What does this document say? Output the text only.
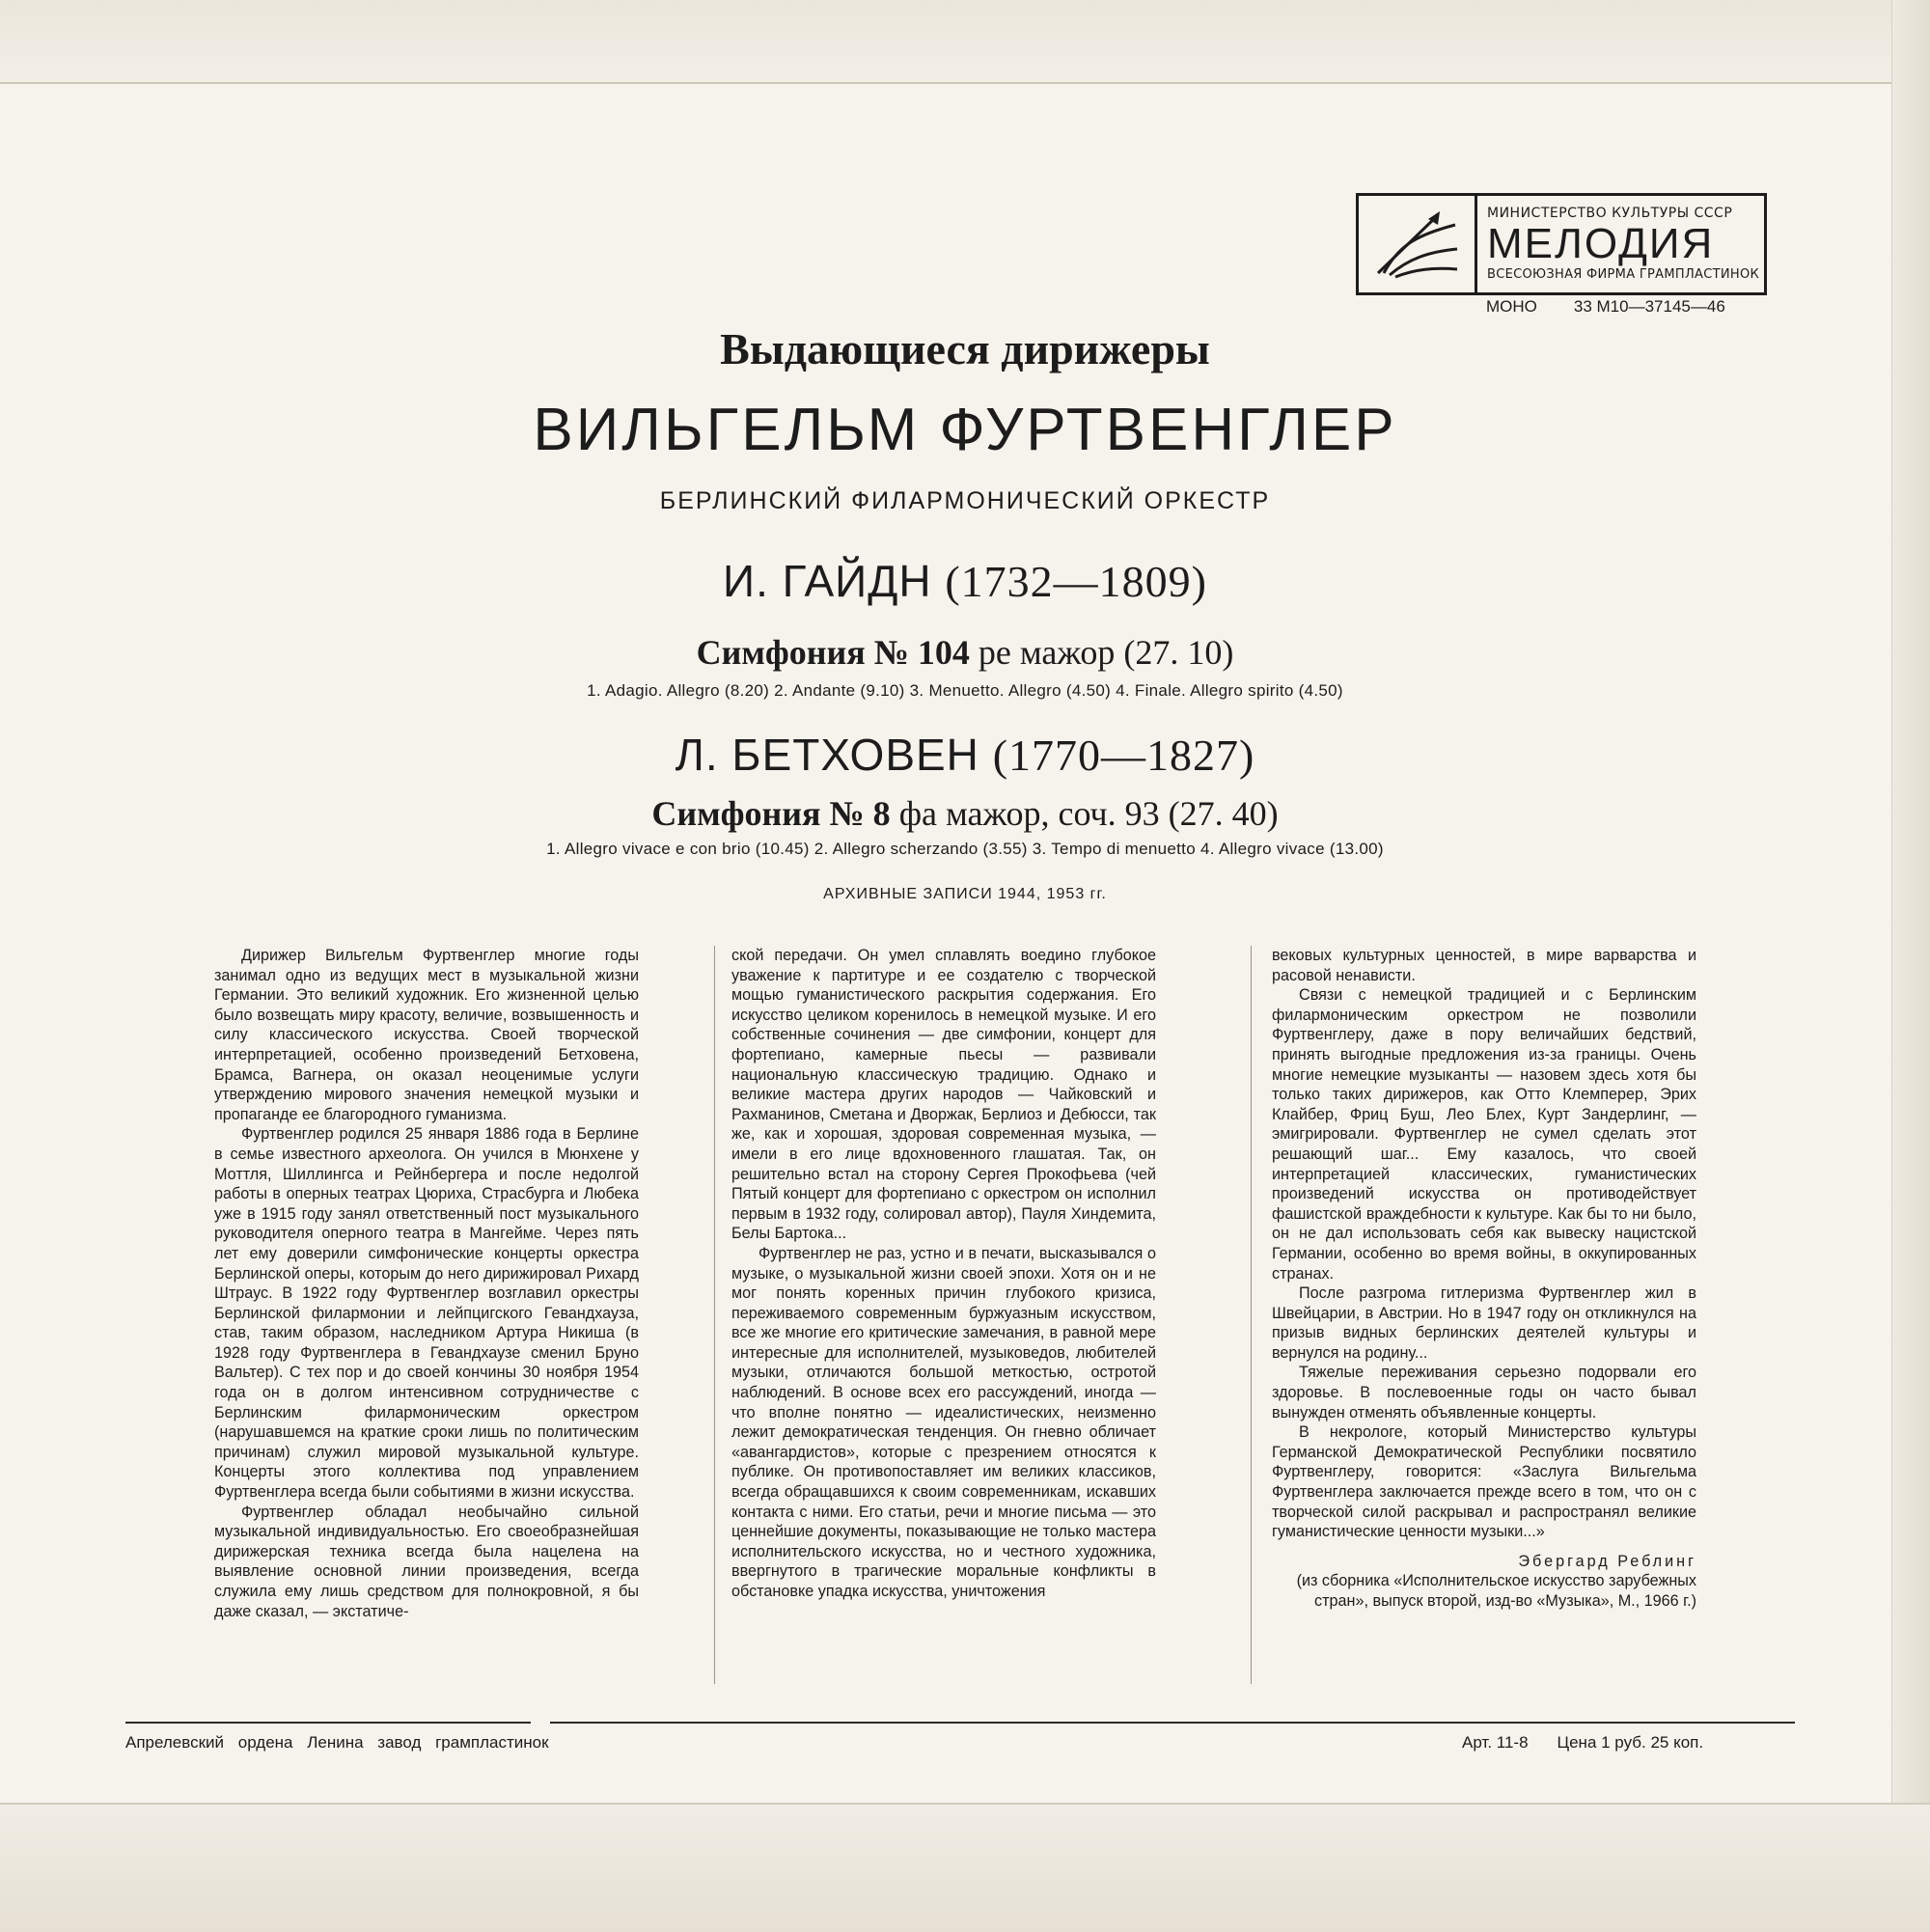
МИНИСТЕРСТВО КУЛЬТУРЫ СССР
МЕЛОДИЯ
ВСЕСОЮЗНАЯ ФИРМА ГРАМПЛАСТИНОК
МОНО 33 М10—37145—46
Выдающиеся дирижеры
ВИЛЬГЕЛЬМ ФУРТВЕНГЛЕР
БЕРЛИНСКИЙ ФИЛАРМОНИЧЕСКИЙ ОРКЕСТР
И. ГАЙДН (1732—1809)
Симфония № 104 ре мажор (27. 10)
1. Adagio. Allegro (8.20) 2. Andante (9.10) 3. Menuetto. Allegro (4.50) 4. Finale. Allegro spirito (4.50)
Л. БЕТХОВЕН (1770—1827)
Симфония № 8 фа мажор, соч. 93 (27. 40)
1. Allegro vivace e con brio (10.45) 2. Allegro scherzando (3.55) 3. Tempo di menuetto 4. Allegro vivace (13.00)
АРХИВНЫЕ ЗАПИСИ 1944, 1953 гг.

Дирижер Вильгельм Фуртвенглер многие годы занимал одно из ведущих мест в музыкальной жизни Германии. Это великий художник. Его жизненной целью было возвещать миру красоту, величие, возвышенность и силу классического искусства. Своей творческой интерпретацией, особенно произведений Бетховена, Брамса, Вагнера, он оказал неоценимые услуги утверждению мирового значения немецкой музыки и пропаганде ее благородного гуманизма.

Фуртвенглер родился 25 января 1886 года в Берлине в семье известного археолога. Он учился в Мюнхене у Моттля, Шиллингса и Рейнбергера и после недолгой работы в оперных театрах Цюриха, Страсбурга и Любека уже в 1915 году занял ответственный пост музыкального руководителя оперного театра в Мангейме. Через пять лет ему доверили симфонические концерты оркестра Берлинской оперы, которым до него дирижировал Рихард Штраус. В 1922 году Фуртвенглер возглавил оркестры Берлинской филармонии и лейпцигского Гевандхауза, став, таким образом, наследником Артура Никиша (в 1928 году Фуртвенглера в Гевандхаузе сменил Бруно Вальтер). С тех пор и до своей кончины 30 ноября 1954 года он в долгом интенсивном сотрудничестве с Берлинским филармоническим оркестром (нарушавшемся на краткие сроки лишь по политическим причинам) служил мировой музыкальной культуре. Концерты этого коллектива под управлением Фуртвенглера всегда были событиями в жизни искусства.

Фуртвенглер обладал необычайно сильной музыкальной индивидуальностью. Его своеобразнейшая дирижерская техника всегда была нацелена на выявление основной линии произведения, всегда служила ему лишь средством для полнокровной, я бы даже сказал, — экстатиче-

ской передачи. Он умел сплавлять воедино глубокое уважение к партитуре и ее создателю с творческой мощью гуманистического раскрытия содержания. Его искусство целиком коренилось в немецкой музыке. И его собственные сочинения — две симфонии, концерт для фортепиано, камерные пьесы — развивали национальную классическую традицию. Однако и великие мастера других народов — Чайковский и Рахманинов, Сметана и Дворжак, Берлиоз и Дебюсси, так же, как и хорошая, здоровая современная музыка, — имели в его лице вдохновенного глашатая. Так, он решительно встал на сторону Сергея Прокофьева (чей Пятый концерт для фортепиано с оркестром он исполнил первым в 1932 году, солировал автор), Пауля Хиндемита, Белы Бартока...

Фуртвенглер не раз, устно и в печати, высказывался о музыке, о музыкальной жизни своей эпохи. Хотя он и не мог понять коренных причин глубокого кризиса, переживаемого современным буржуазным искусством, все же многие его критические замечания, в равной мере интересные для исполнителей, музыковедов, любителей музыки, отличаются большой меткостью, остротой наблюдений. В основе всех его рассуждений, иногда — что вполне понятно — идеалистических, неизменно лежит демократическая тенденция. Он гневно обличает «авангардистов», которые с презрением относятся к публике. Он противопоставляет им великих классиков, всегда обращавшихся к своим современникам, искавших контакта с ними. Его статьи, речи и многие письма — это ценнейшие документы, показывающие не только мастера исполнительского искусства, но и честного художника, ввергнутого в трагические моральные конфликты в обстановке упадка искусства, уничтожения

вековых культурных ценностей, в мире варварства и расовой ненависти.

Связи с немецкой традицией и с Берлинским филармоническим оркестром не позволили Фуртвенглеру, даже в пору величайших бедствий, принять выгодные предложения из-за границы. Очень многие немецкие музыканты — назовем здесь хотя бы только таких дирижеров, как Отто Клемперер, Эрих Клайбер, Фриц Буш, Лео Блех, Курт Зандерлинг, — эмигрировали. Фуртвенглер не сумел сделать этот решающий шаг... Ему казалось, что своей интерпретацией классических, гуманистических произведений искусства он противодействует фашистской враждебности к культуре. Как бы то ни было, он не дал использовать себя как вывеску нацистской Германии, особенно во время войны, в оккупированных странах.

После разгрома гитлеризма Фуртвенглер жил в Швейцарии, в Австрии. Но в 1947 году он откликнулся на призыв видных берлинских деятелей культуры и вернулся на родину...

Тяжелые переживания серьезно подорвали его здоровье. В послевоенные годы он часто бывал вынужден отменять объявленные концерты.

В некрологе, который Министерство культуры Германской Демократической Республики посвятило Фуртвенглеру, говорится: «Заслуга Вильгельма Фуртвенглера заключается прежде всего в том, что он с творческой силой раскрывал и распространял великие гуманистические ценности музыки...»

Эбергард Реблинг
(из сборника «Исполнительское искусство зарубежных стран», выпуск второй, изд-во «Музыка», М., 1966 г.)
Апрелевский ордена Ленина завод грампластинок	Арт. 11-8 Цена 1 руб. 25 коп.
